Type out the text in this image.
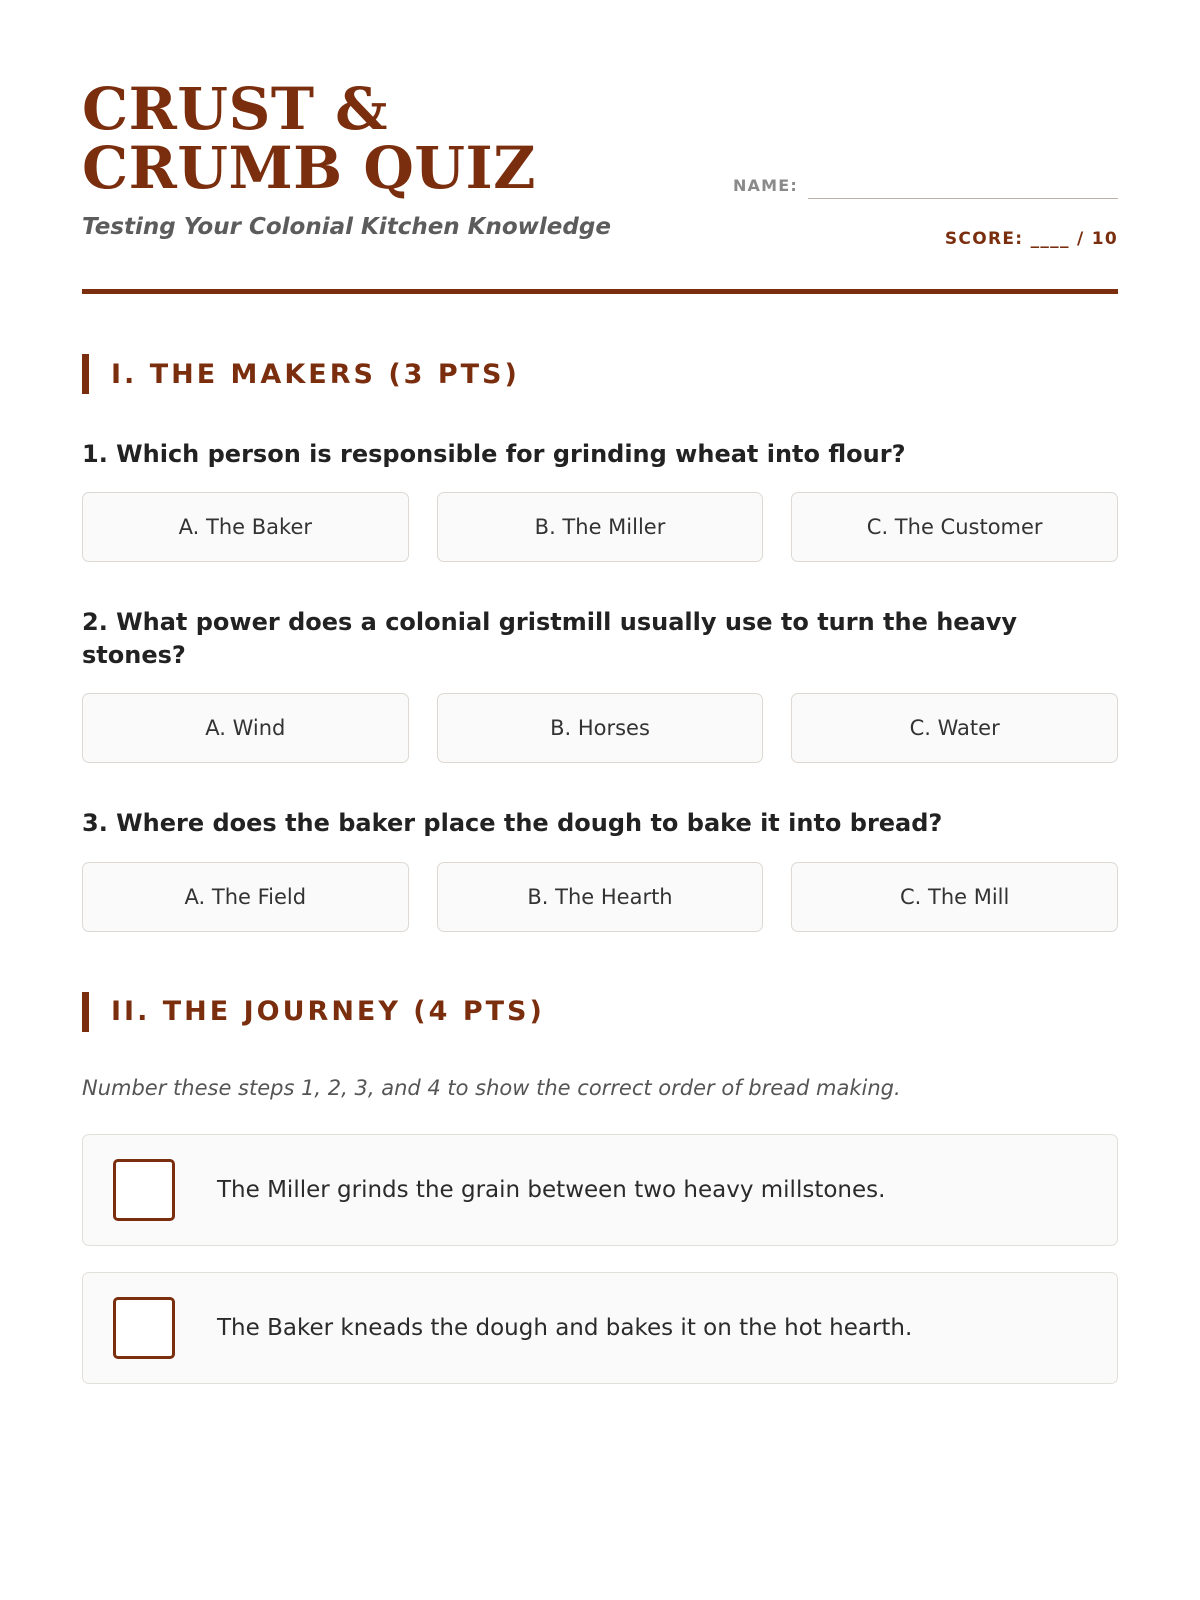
CRUST & CRUMB QUIZ
Testing Your Colonial Kitchen Knowledge
NAME:
SCORE: ____ / 10
I. THE MAKERS (3 PTS)
1. Which person is responsible for grinding wheat into flour?
A. The Baker	B. The Miller	C. The Customer
2. What power does a colonial gristmill usually use to turn the heavy stones?
A. Wind	B. Horses	C. Water
3. Where does the baker place the dough to bake it into bread?
A. The Field	B. The Hearth	C. The Mill
II. THE JOURNEY (4 PTS)
Number these steps 1, 2, 3, and 4 to show the correct order of bread making.
The Miller grinds the grain between two heavy millstones.
The Baker kneads the dough and bakes it on the hot hearth.
